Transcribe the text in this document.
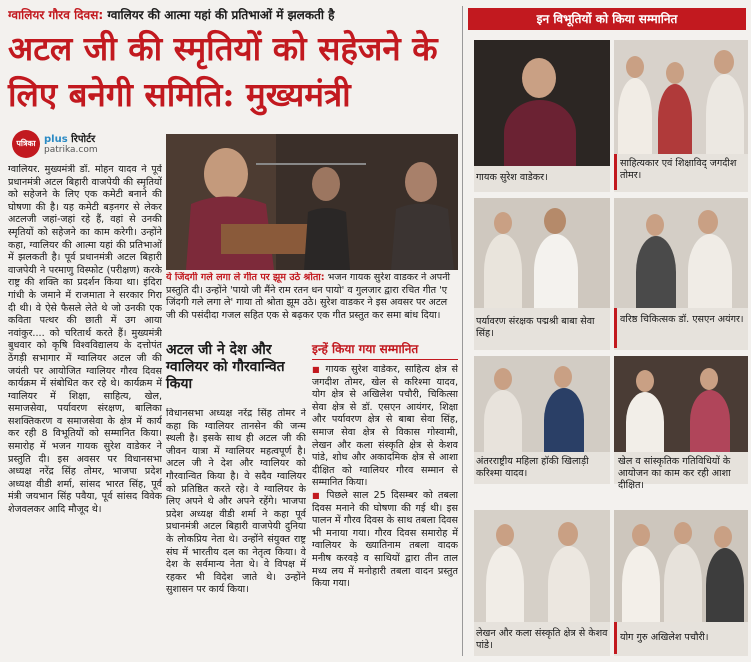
ग्वालियर गौरव दिवस: ग्वालियर की आत्मा यहां की प्रतिभाओं में झलकती है
अटल जी की स्मृतियों को सहेजने के लिए बनेगी समिति: मुख्यमंत्री
पत्रिका plus रिपोर्टर
patrika.com
ग्वालियर. मुख्यमंत्री डॉ. मोहन यादव ने पूर्व प्रधानमंत्री अटल बिहारी वाजपेयी की स्मृतियों को सहेजने के लिए एक कमेटी बनाने की घोषणा की है। यह कमेटी बड़नगर से लेकर अटलजी जहां-जहां रहे हैं, वहां से उनकी स्मृतियों को सहेजने का काम करेगी। उन्होंने कहा, ग्वालियर की आत्मा यहां की प्रतिभाओं में झलकती है। पूर्व प्रधानमंत्री अटल बिहारी वाजपेयी ने परमाणु विस्फोट (परीक्षण) करके राष्ट्र की शक्ति का प्रदर्शन किया था। इंदिरा गांधी के जमाने में राजमाता ने सरकार गिरा दी थी। वे ऐसे फैसले लेते थे जो उनकी एक कविता पत्थर की छाती में उग आया नवांकुर.... को चरितार्थ करते हैं। मुख्यमंत्री बुधवार को कृषि विश्वविद्यालय के दत्तोपंत ठेंगड़ी सभागार में ग्वालियर अटल जी की जयंती पर आयोजित ग्वालियर गौरव दिवस कार्यक्रम में संबोधित कर रहे थे। कार्यक्रम में ग्वालियर में शिक्षा, साहित्य, खेल, समाजसेवा, पर्यावरण संरक्षण, बालिका सशक्तिकरण व समाजसेवा के क्षेत्र में कार्य कर रही 8 विभूतियों को सम्मानित किया। समारोह में भजन गायक सुरेश वाडेकर ने प्रस्तुति दी। इस अवसर पर विधानसभा अध्यक्ष नरेंद्र सिंह तोमर, भाजपा प्रदेश अध्यक्ष वीडी शर्मा, सांसद भारत सिंह, पूर्व मंत्री जयभान सिंह पवैया, पूर्व सांसद विवेक शेजवलकर आदि मौजूद थे।
ये जिंदगी गले लगा ले गीत पर झूम उठे श्रोता: भजन गायक सुरेश वाडकर ने अपनी प्रस्तुति दी। उन्होंने 'पायो जी मैंने राम रतन धन पायो' व गुलजार द्वारा रचित गीत 'ए जिंदगी गले लगा ले' गाया तो श्रोता झूम उठे। सुरेश वाडकर ने इस अवसर पर अटल जी की पसंदीदा गजल सहित एक से बढ़कर एक गीत प्रस्तुत कर समा बांध दिया।
अटल जी ने देश और ग्वालियर को गौरवान्वित किया
विधानसभा अध्यक्ष नरेंद्र सिंह तोमर ने कहा कि ग्वालियर तानसेन की जन्म स्थली है। इसके साथ ही अटल जी की जीवन यात्रा में ग्वालियर महत्वपूर्ण है। अटल जी ने देश और ग्वालियर को गौरवान्वित किया है। वे सदैव ग्वालियर को प्रतिष्ठित करते रहे। वे ग्वालियर के लिए अपने थे और अपने रहेंगे। भाजपा प्रदेश अध्यक्ष वीडी शर्मा ने कहा पूर्व प्रधानमंत्री अटल बिहारी वाजपेयी दुनिया के लोकप्रिय नेता थे। उन्होंने संयुक्त राष्ट्र संघ में भारतीय दल का नेतृत्व किया। वे देश के सर्वमान्य नेता थे। वे विपक्ष में रहकर भी विदेश जाते थे। उन्होंने सुशासन पर कार्य किया।
इन्हें किया गया सम्मानित
■ गायक सुरेश वाडेकर, साहित्य क्षेत्र से जगदीश तोमर, खेल से करिश्मा यादव, योग क्षेत्र से अखिलेश पचौरी, चिकित्सा सेवा क्षेत्र से डॉ. एसएन आयंगर, शिक्षा और पर्यावरण क्षेत्र से बाबा सेवा सिंह, समाज सेवा क्षेत्र से विकास गोस्वामी, लेखन और कला संस्कृति क्षेत्र से केशव पांडे, शोध और अकादमिक क्षेत्र से आशा दीक्षित को ग्वालियर गौरव सम्मान से सम्मानित किया।
■ पिछले साल 25 दिसम्बर को तबला दिवस मनाने की घोषणा की गई थी। इस पालन में गौरव दिवस के साथ तबला दिवस भी मनाया गया। गौरव दिवस समारोह में ग्वालियर के ख्यातिनाम तबला वादक मनीष करवड़े व साथियों द्वारा तीन ताल मध्य लय में मनोहारी तबला वादन प्रस्तुत किया गया।
इन विभूतियों को किया सम्मानित
गायक सुरेश वाडेकर।
साहित्यकार एवं शिक्षाविद् जगदीश तोमर।
पर्यावरण संरक्षक पद्मश्री बाबा सेवा सिंह।
वरिष्ठ चिकित्सक डॉ. एसएन अयंगर।
अंतरराष्ट्रीय महिला हॉकी खिलाड़ी करिश्मा यादव।
खेल व सांस्कृतिक गतिविधियों के आयोजन का काम कर रही आशा दीक्षित।
लेखन और कला संस्कृति क्षेत्र से केशव पांडे।
योग गुरु अखिलेश पचौरी।
